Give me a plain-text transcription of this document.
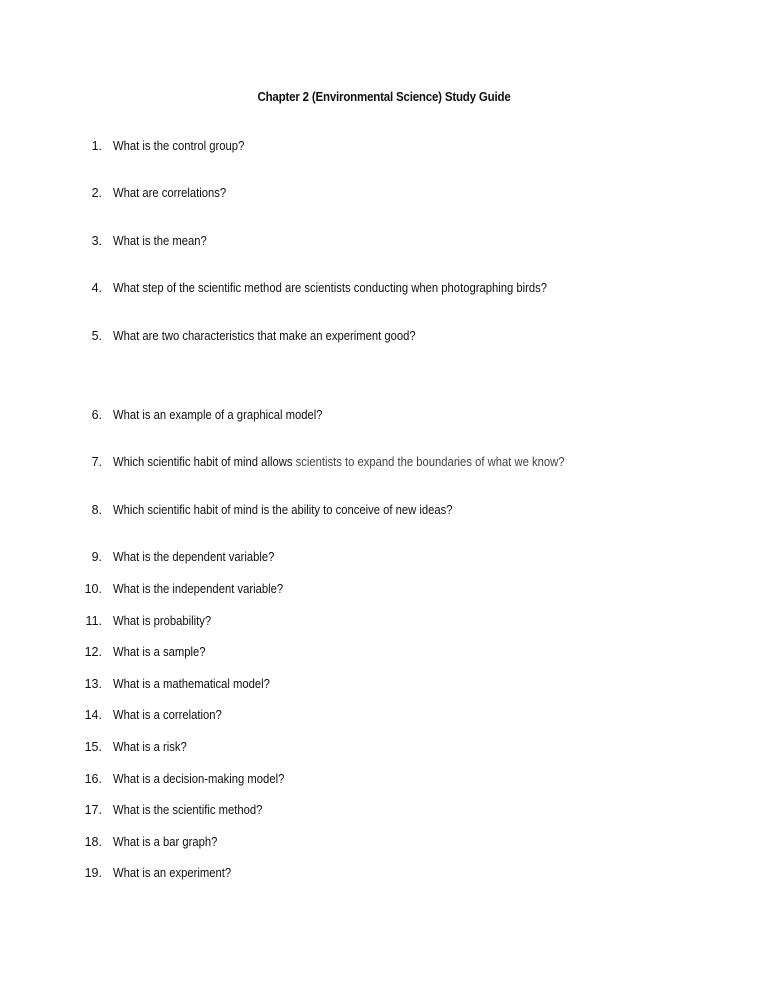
Chapter 2 (Environmental Science) Study Guide
1. What is the control group?
2. What are correlations?
3. What is the mean?
4. What step of the scientific method are scientists conducting when photographing birds?
5. What are two characteristics that make an experiment good?
6. What is an example of a graphical model?
7. Which scientific habit of mind allows scientists to expand the boundaries of what we know?
8. Which scientific habit of mind is the ability to conceive of new ideas?
9. What is the dependent variable?
10. What is the independent variable?
11. What is probability?
12. What is a sample?
13. What is a mathematical model?
14. What is a correlation?
15. What is a risk?
16. What is a decision-making model?
17. What is the scientific method?
18. What is a bar graph?
19. What is an experiment?
